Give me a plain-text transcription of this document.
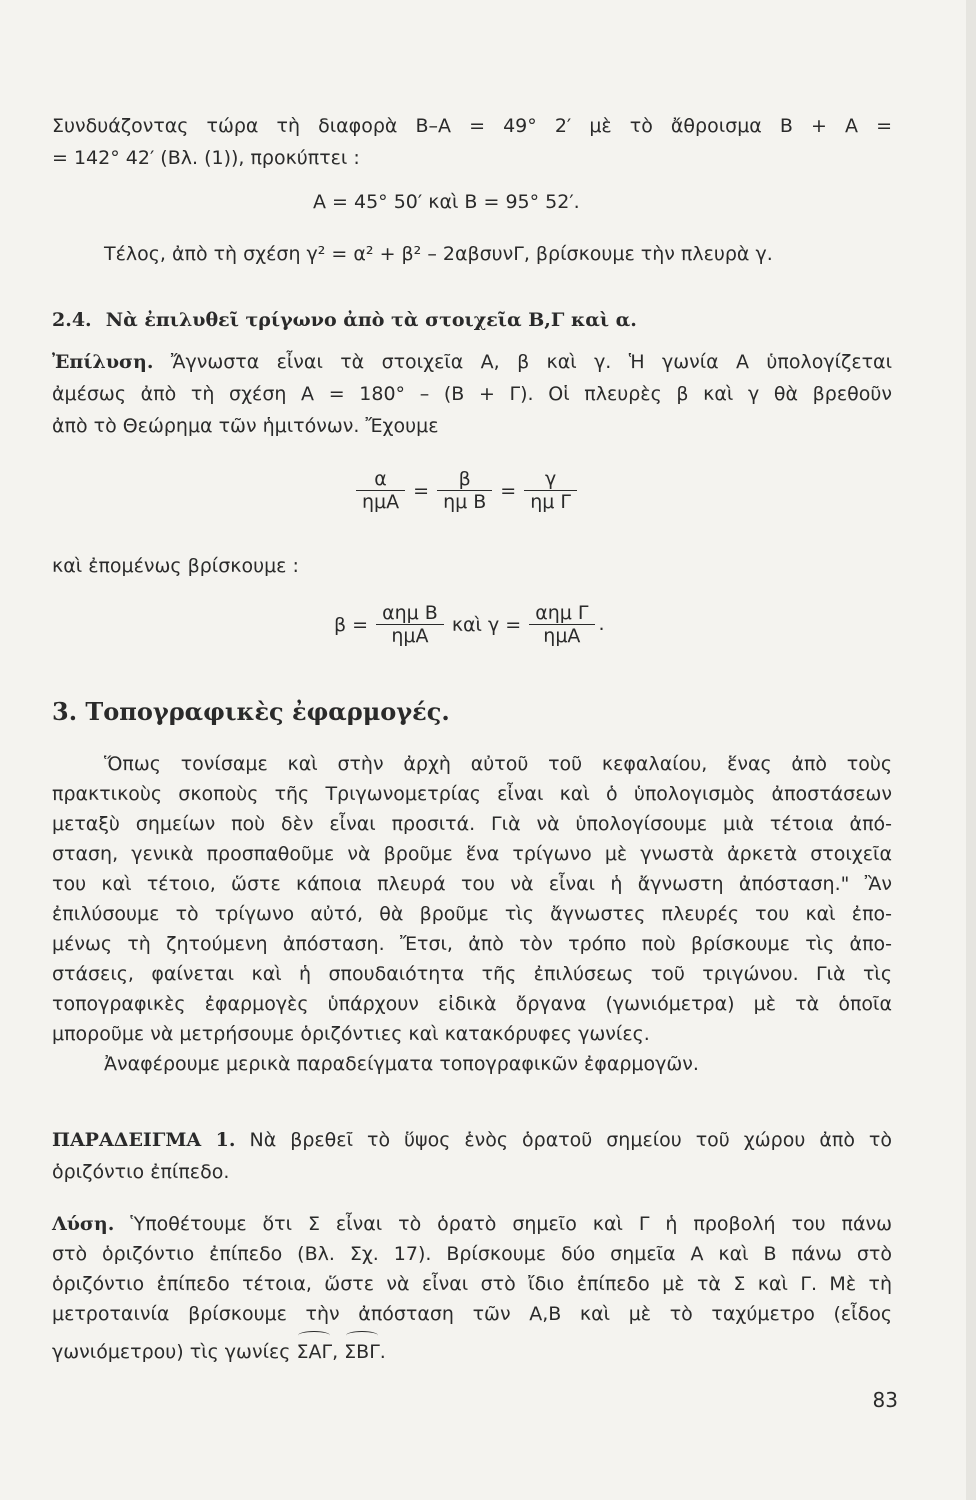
Συνδυάζοντας τώρα τὴ διαφορὰ Β–Α = 49° 2′ μὲ τὸ ἄθροισμα Β + Α =
= 142° 42′ (Βλ. (1)), προκύπτει :
Α = 45° 50′ καὶ Β = 95° 52′.
Τέλος, ἀπὸ τὴ σχέση γ² = α² + β² – 2αβσυνΓ, βρίσκουμε τὴν πλευρὰ γ.
2.4. Νὰ ἐπιλυθεῖ τρίγωνο ἀπὸ τὰ στοιχεῖα Β,Γ καὶ α.
Ἐπίλυση. Ἄγνωστα εἶναι τὰ στοιχεῖα Α, β καὶ γ. Ἡ γωνία Α ὑπολογίζεται
ἀμέσως ἀπὸ τὴ σχέση Α = 180° – (Β + Γ). Οἱ πλευρὲς β καὶ γ θὰ βρεθοῦν
ἀπὸ τὸ Θεώρημα τῶν ἡμιτόνων. Ἔχουμε
$\frac{\alpha}{\text{ημΑ}} = \frac{\beta}{\text{ημ Β}} = \frac{\gamma}{\text{ημ Γ}}$
καὶ ἐπομένως βρίσκουμε :
$\beta = \frac{\text{αημ Β}}{\text{ημΑ}}$ καὶ $\gamma = \frac{\text{αημ Γ}}{\text{ημΑ}}$ .
3. Τοπογραφικὲς ἐφαρμογές.
Ὅπως τονίσαμε καὶ στὴν ἀρχὴ αὐτοῦ τοῦ κεφαλαίου, ἕνας ἀπὸ τοὺς
πρακτικοὺς σκοποὺς τῆς Τριγωνομετρίας εἶναι καὶ ὁ ὑπολογισμὸς ἀποστάσεων
μεταξὺ σημείων ποὺ δὲν εἶναι προσιτά. Γιὰ νὰ ὑπολογίσουμε μιὰ τέτοια ἀπό-
σταση, γενικὰ προσπαθοῦμε νὰ βροῦμε ἕνα τρίγωνο μὲ γνωστὰ ἀρκετὰ στοιχεῖα
του καὶ τέτοιο, ὥστε κάποια πλευρά του νὰ εἶναι ἡ ἄγνωστη ἀπόσταση." Ἂν
ἐπιλύσουμε τὸ τρίγωνο αὐτό, θὰ βροῦμε τὶς ἄγνωστες πλευρές του καὶ ἐπο-
μένως τὴ ζητούμενη ἀπόσταση. Ἔτσι, ἀπὸ τὸν τρόπο ποὺ βρίσκουμε τὶς ἀπο-
στάσεις, φαίνεται καὶ ἡ σπουδαιότητα τῆς ἐπιλύσεως τοῦ τριγώνου. Γιὰ τὶς
τοπογραφικὲς ἐφαρμογὲς ὑπάρχουν εἰδικὰ ὄργανα (γωνιόμετρα) μὲ τὰ ὁποῖα
μποροῦμε νὰ μετρήσουμε ὁριζόντιες καὶ κατακόρυφες γωνίες.
Ἀναφέρουμε μερικὰ παραδείγματα τοπογραφικῶν ἐφαρμογῶν.
ΠΑΡΑΔΕΙΓΜΑ 1. Νὰ βρεθεῖ τὸ ὕψος ἑνὸς ὁρατοῦ σημείου τοῦ χώρου ἀπὸ τὸ
ὁριζόντιο ἐπίπεδο.
Λύση. Ὑποθέτουμε ὅτι Σ εἶναι τὸ ὁρατὸ σημεῖο καὶ Γ ἡ προβολή του πάνω
στὸ ὁριζόντιο ἐπίπεδο (Βλ. Σχ. 17). Βρίσκουμε δύο σημεῖα Α καὶ Β πάνω στὸ
ὁριζόντιο ἐπίπεδο τέτοια, ὥστε νὰ εἶναι στὸ ἴδιο ἐπίπεδο μὲ τὰ Σ καὶ Γ. Μὲ τὴ
μετροταινία βρίσκουμε τὴν ἀπόσταση τῶν Α,Β καὶ μὲ τὸ ταχύμετρο (εἶδος
γωνιόμετρου) τὶς γωνίες ΣΑΓ, ΣΒΓ.
83
